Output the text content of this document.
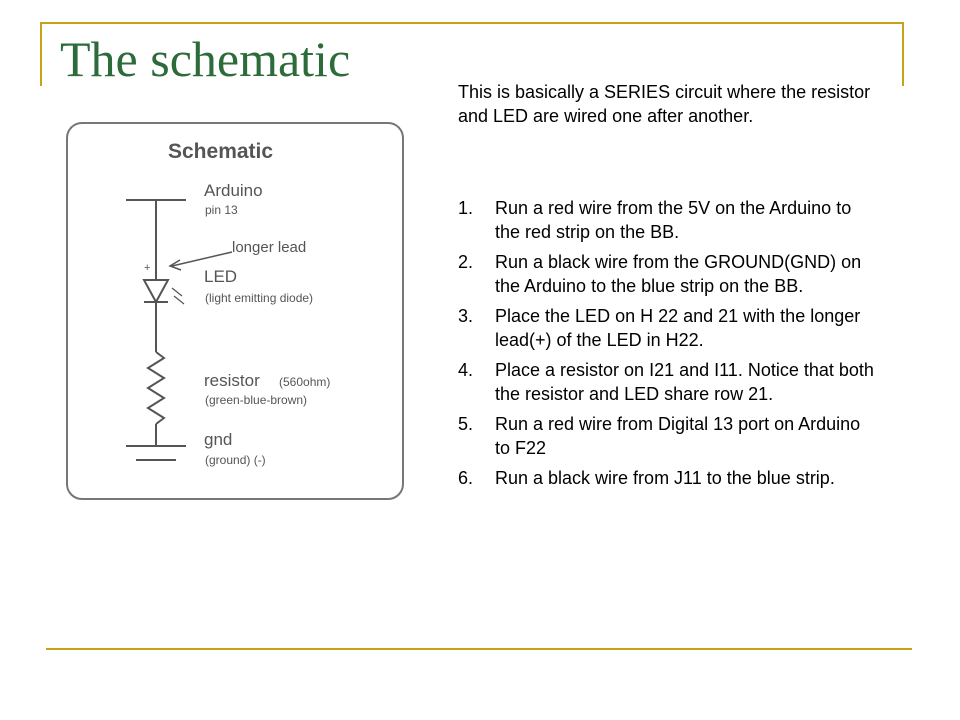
The schematic
Schematic
Arduino
pin 13
longer lead
+	LED
(light emitting diode)
resistor (560ohm)
(green-blue-brown)
gnd
(ground) (-)

This is basically a SERIES circuit where the resistor and LED are wired one after another.

1. Run a red wire from the 5V on the Arduino to the red strip on the BB.
2. Run a black wire from the GROUND(GND) on the Arduino to the blue strip on the BB.
3. Place the LED on H 22 and 21 with the longer lead(+) of the LED in H22.
4. Place a resistor on I21 and I11. Notice that both the resistor and LED share row 21.
5. Run a red wire from Digital 13 port on Arduino to F22
6. Run a black wire from J11 to the blue strip.
